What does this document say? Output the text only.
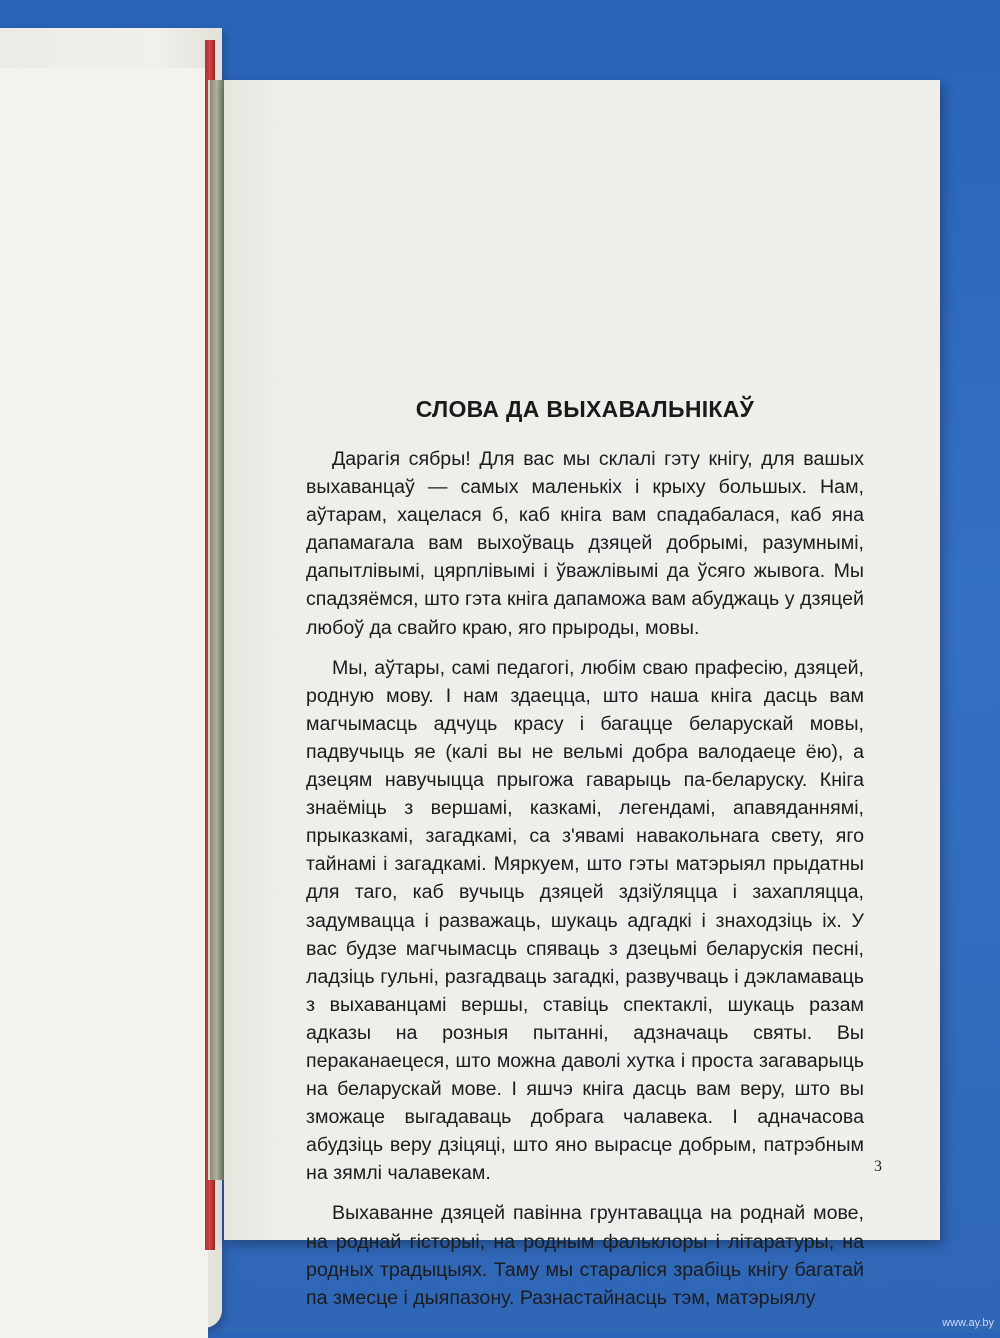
СЛОВА ДА ВЫХАВАЛЬНІКАЎ

Дарагія сябры! Для вас мы склалі гэту кнігу, для вашых выхаванцаў — самых маленькіх і крыху большых. Нам, аўтарам, хацелася б, каб кніга вам спадабалася, каб яна дапамагала вам выхоўваць дзяцей добрымі, разумнымі, дапытлівымі, цярплівымі і ўважлівымі да ўсяго жывога. Мы спадзяёмся, што гэта кніга дапаможа вам абуджаць у дзяцей любоў да свайго краю, яго прыроды, мовы.

Мы, аўтары, самі педагогі, любім сваю прафесію, дзяцей, родную мову. І нам здаецца, што наша кніга дасць вам магчымасць адчуць красу і багацце беларускай мовы, падвучыць яе (калі вы не вельмі добра валодаеце ёю), а дзецям навучыцца прыгожа гаварыць па-беларуску. Кніга знаёміць з вершамі, казкамі, легендамі, апавяданнямі, прыказкамі, загадкамі, са з'явамі навакольнага свету, яго тайнамі і загадкамі. Мяркуем, што гэты матэрыял прыдатны для таго, каб вучыць дзяцей здзіўляцца і захапляцца, задумвацца і разважаць, шукаць адгадкі і знаходзіць іх. У вас будзе магчымасць спяваць з дзецьмі беларускія песні, ладзіць гульні, разгадваць загадкі, развучваць і дэкламаваць з выхаванцамі вершы, ставіць спектаклі, шукаць разам адказы на розныя пытанні, адзначаць святы. Вы пераканаецеся, што можна даволі хутка і проста загаварыць на беларускай мове. І яшчэ кніга дасць вам веру, што вы зможаце выгадаваць добрага чалавека. І адначасова абудзіць веру дзіцяці, што яно вырасце добрым, патрэбным на зямлі чалавекам.

Выхаванне дзяцей павінна грунтавацца на роднай мове, на роднай гісторыі, на родным фальклоры і літаратуры, на родных традыцыях. Таму мы стараліся зрабіць кнігу багатай па змесце і дыяпазону. Разнастайнасць тэм, матэрыялу

3
www.ay.by
